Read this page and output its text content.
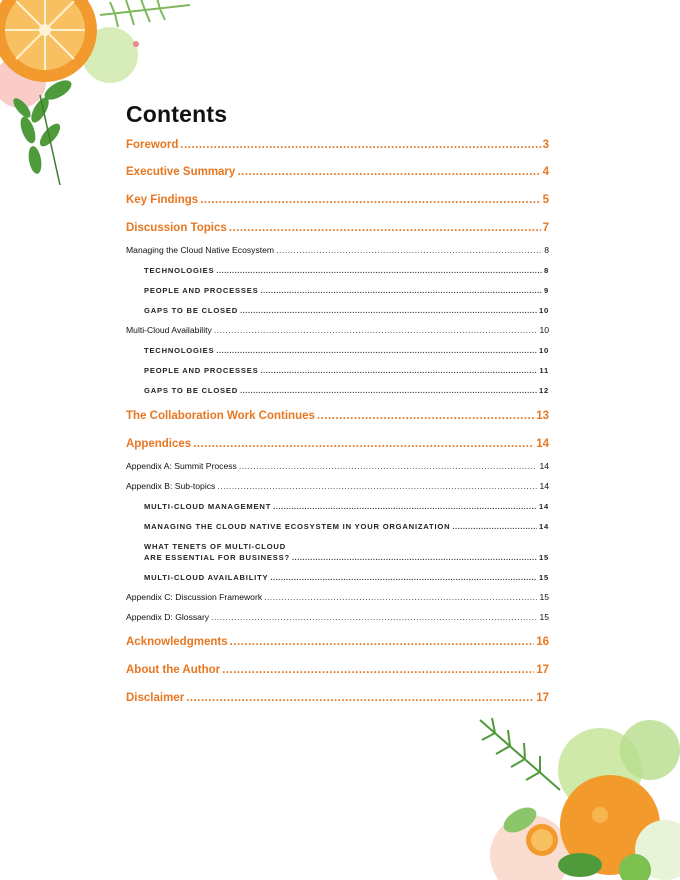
Contents
Foreword .....	3
Executive Summary .....	4
Key Findings .....	5
Discussion Topics .....	7
Managing the Cloud Native Ecosystem .....	8
TECHNOLOGIES .....	8
PEOPLE AND PROCESSES .....	9
GAPS TO BE CLOSED .....	10
Multi-Cloud Availability .....	10
TECHNOLOGIES .....	10
PEOPLE AND PROCESSES .....	11
GAPS TO BE CLOSED .....	12
The Collaboration Work Continues .....	13
Appendices .....	14
Appendix A: Summit Process .....	14
Appendix B: Sub-topics .....	14
MULTI-CLOUD MANAGEMENT .....	14
MANAGING THE CLOUD NATIVE ECOSYSTEM IN YOUR ORGANIZATION .....	14
WHAT TENETS OF MULTI-CLOUD
ARE ESSENTIAL FOR BUSINESS? .....	15
MULTI-CLOUD AVAILABILITY .....	15
Appendix C: Discussion Framework .....	15
Appendix D: Glossary .....	15
Acknowledgments .....	16
About the Author .....	17
Disclaimer .....	17
